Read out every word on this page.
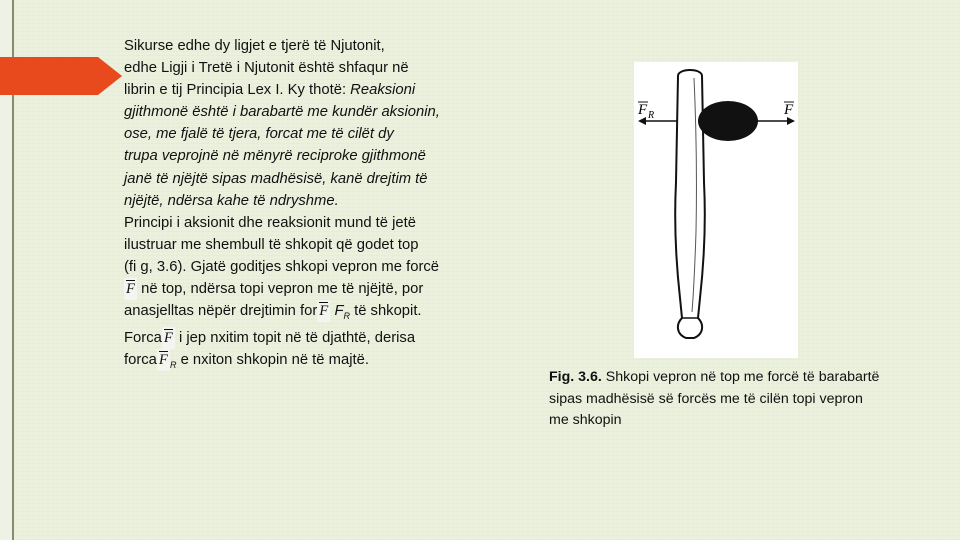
Sikurse edhe dy ligjet e tjerë të Njutonit,

edhe Ligji i Tretë i Njutonit është shfaqur në

librin e tij Principia Lex I. Ky thotë: Reaksioni

gjithmonë është i barabartë me kundër aksionin,

ose, me fjalë të tjera, forcat me të cilët dy

trupa veprojnë në mënyrë reciproke gjithmonë

janë të njëjtë sipas madhësisë, kanë drejtim të

njëjtë, ndërsa kahe të ndryshme.

Principi i aksionit dhe reaksionit mund të jetë

ilustruar me shembull të shkopit që godet top

(fi g, 3.6). Gjatë goditjes shkopi vepron me forcë

F në top, ndërsa topi vepron me të njëjtë, por

anasjelltas nëpër drejtimin for F $F_R$ të shkopit.

Forca F i jep nxitim topit në të djathtë, derisa

forca F $_R$ e nxiton shkopin në të majtë.

F R	F
Fig. 3.6. Shkopi vepron në top me forcë të barabartë
sipas madhësisë së forcës me të cilën topi vepron
me shkopin
